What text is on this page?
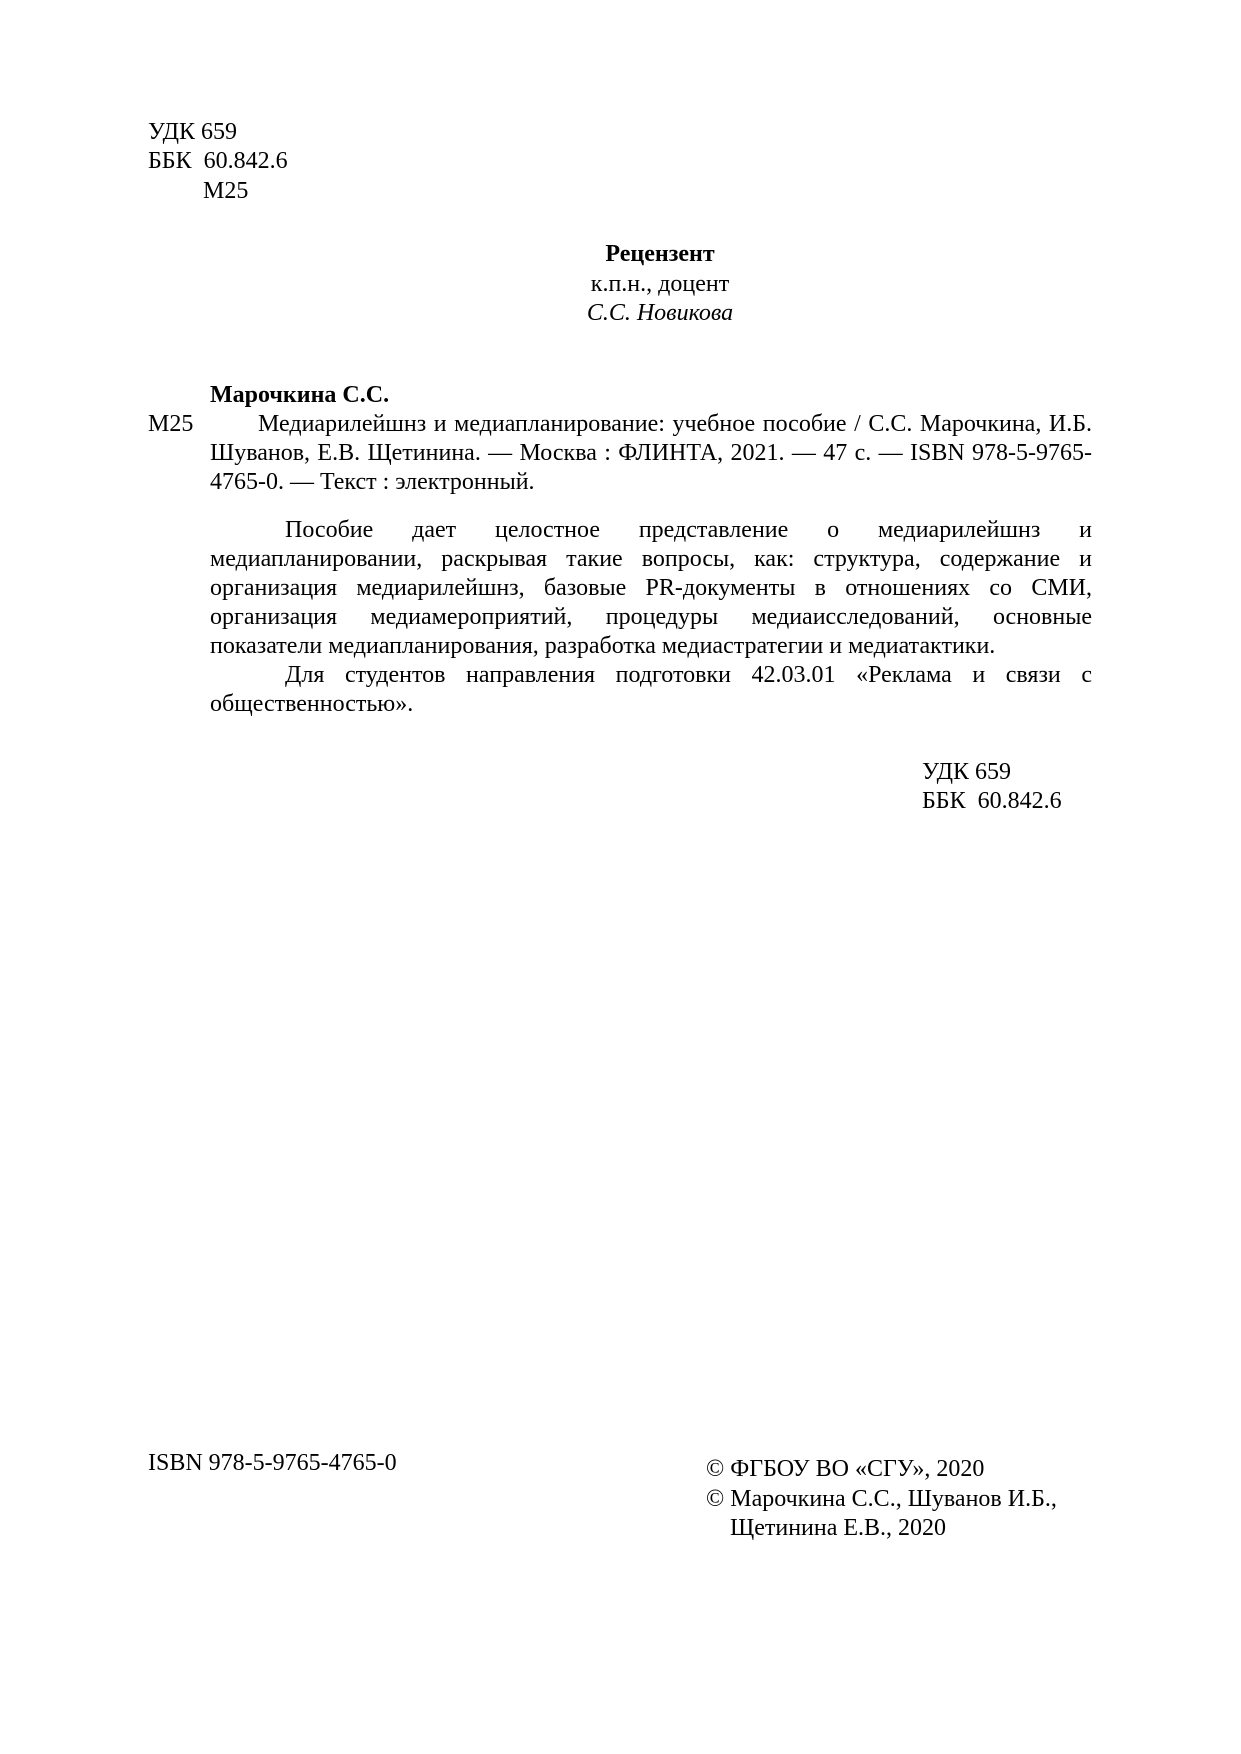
УДК 659
ББК  60.842.6
М25
Рецензент
к.п.н., доцент
С.С. Новикова
Марочкина С.С.
М25	Медиарилейшнз и медиапланирование: учебное пособие / С.С. Марочкина, И.Б. Шуванов, Е.В. Щетинина. — Москва : ФЛИНТА, 2021. — 47 с. — ISBN 978-5-9765-4765-0. — Текст : электронный.

Пособие дает целостное представление о медиарилейшнз и медиапланировании, раскрывая такие вопросы, как: структура, содержание и организация медиарилейшнз, базовые PR-документы в отношениях со СМИ, организация медиамероприятий, процедуры медиаисследований, основные показатели медиапланирования, разработка медиастратегии и медиатактики.

Для студентов направления подготовки 42.03.01 «Реклама и связи с общественностью».

УДК 659
ББК  60.842.6
ISBN 978-5-9765-4765-0	© ФГБОУ ВО «СГУ», 2020
© Марочкина С.С., Шуванов И.Б.,
Щетинина Е.В., 2020
